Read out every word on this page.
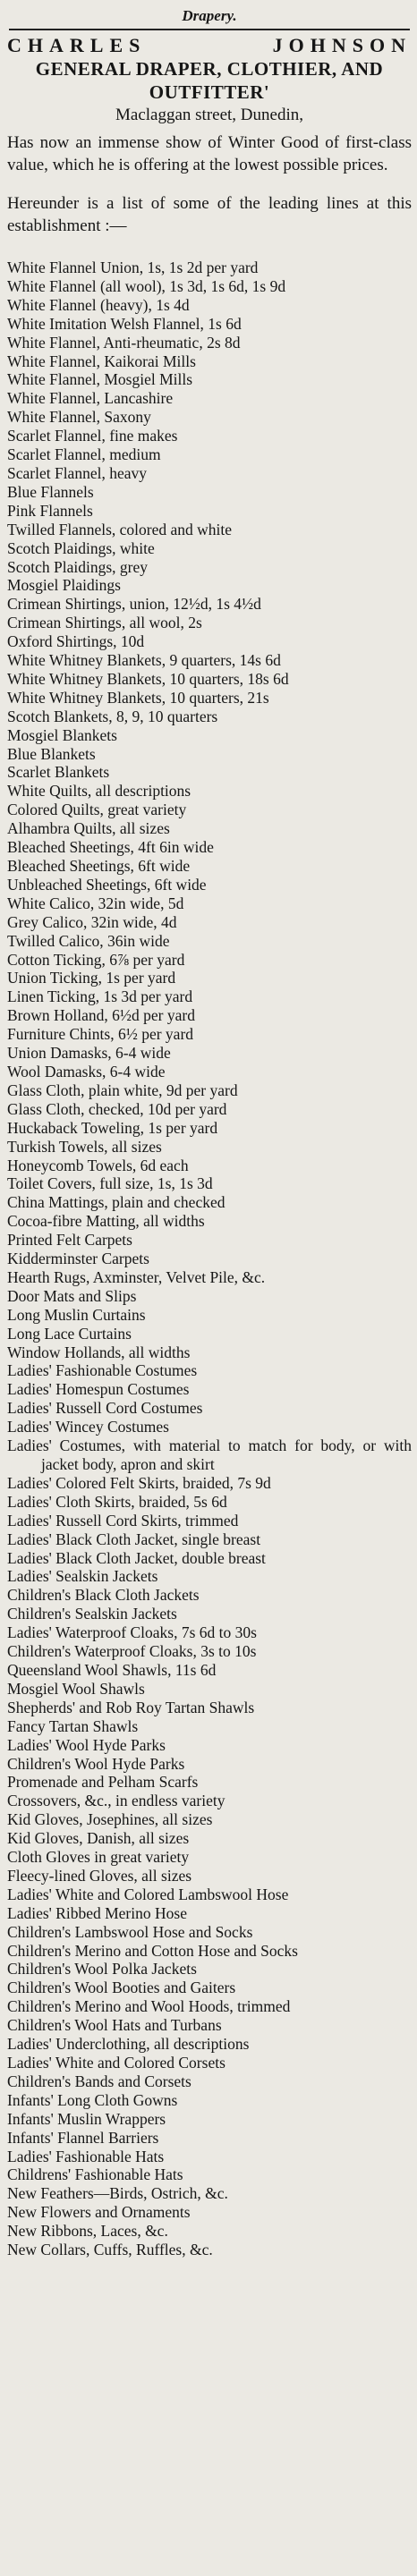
Drapery.
CHARLES JOHNSON
GENERAL DRAPER, CLOTHIER, AND OUTFITTER'
Maclaggan street, Dunedin,
Has now an immense show of Winter Good of first-class value, which he is offering at the lowest possible prices.
Hereunder is a list of some of the leading lines at this establishment :—
White Flannel Union, 1s, 1s 2d per yard
White Flannel (all wool), 1s 3d, 1s 6d, 1s 9d
White Flannel (heavy), 1s 4d
White Imitation Welsh Flannel, 1s 6d
White Flannel, Anti-rheumatic, 2s 8d
White Flannel, Kaikorai Mills
White Flannel, Mosgiel Mills
White Flannel, Lancashire
White Flannel, Saxony
Scarlet Flannel, fine makes
Scarlet Flannel, medium
Scarlet Flannel, heavy
Blue Flannels
Pink Flannels
Twilled Flannels, colored and white
Scotch Plaidings, white
Scotch Plaidings, grey
Mosgiel Plaidings
Crimean Shirtings, union, 12½d, 1s 4½d
Crimean Shirtings, all wool, 2s
Oxford Shirtings, 10d
White Whitney Blankets, 9 quarters, 14s 6d
White Whitney Blankets, 10 quarters, 18s 6d
White Whitney Blankets, 10 quarters, 21s
Scotch Blankets, 8, 9, 10 quarters
Mosgiel Blankets
Blue Blankets
Scarlet Blankets
White Quilts, all descriptions
Colored Quilts, great variety
Alhambra Quilts, all sizes
Bleached Sheetings, 4ft 6in wide
Bleached Sheetings, 6ft wide
Unbleached Sheetings, 6ft wide
White Calico, 32in wide, 5d
Grey Calico, 32in wide, 4d
Twilled Calico, 36in wide
Cotton Ticking, 6⅞ per yard
Union Ticking, 1s per yard
Linen Ticking, 1s 3d per yard
Brown Holland, 6½d per yard
Furniture Chints, 6½ per yard
Union Damasks, 6-4 wide
Wool Damasks, 6-4 wide
Glass Cloth, plain white, 9d per yard
Glass Cloth, checked, 10d per yard
Huckaback Toweling, 1s per yard
Turkish Towels, all sizes
Honeycomb Towels, 6d each
Toilet Covers, full size, 1s, 1s 3d
China Mattings, plain and checked
Cocoa-fibre Matting, all widths
Printed Felt Carpets
Kidderminster Carpets
Hearth Rugs, Axminster, Velvet Pile, &c.
Door Mats and Slips
Long Muslin Curtains
Long Lace Curtains
Window Hollands, all widths
Ladies' Fashionable Costumes
Ladies' Homespun Costumes
Ladies' Russell Cord Costumes
Ladies' Wincey Costumes
Ladies' Costumes, with material to match for body, or with jacket body, apron and skirt
Ladies' Colored Felt Skirts, braided, 7s 9d
Ladies' Cloth Skirts, braided, 5s 6d
Ladies' Russell Cord Skirts, trimmed
Ladies' Black Cloth Jacket, single breast
Ladies' Black Cloth Jacket, double breast
Ladies' Sealskin Jackets
Children's Black Cloth Jackets
Children's Sealskin Jackets
Ladies' Waterproof Cloaks, 7s 6d to 30s
Children's Waterproof Cloaks, 3s to 10s
Queensland Wool Shawls, 11s 6d
Mosgiel Wool Shawls
Shepherds' and Rob Roy Tartan Shawls
Fancy Tartan Shawls
Ladies' Wool Hyde Parks
Children's Wool Hyde Parks
Promenade and Pelham Scarfs
Crossovers, &c., in endless variety
Kid Gloves, Josephines, all sizes
Kid Gloves, Danish, all sizes
Cloth Gloves in great variety
Fleecy-lined Gloves, all sizes
Ladies' White and Colored Lambswool Hose
Ladies' Ribbed Merino Hose
Children's Lambswool Hose and Socks
Children's Merino and Cotton Hose and Socks
Children's Wool Polka Jackets
Children's Wool Booties and Gaiters
Children's Merino and Wool Hoods, trimmed
Children's Wool Hats and Turbans
Ladies' Underclothing, all descriptions
Ladies' White and Colored Corsets
Children's Bands and Corsets
Infants' Long Cloth Gowns
Infants' Muslin Wrappers
Infants' Flannel Barriers
Ladies' Fashionable Hats
Childrens' Fashionable Hats
New Feathers—Birds, Ostrich, &c.
New Flowers and Ornaments
New Ribbons, Laces, &c.
New Collars, Cuffs, Ruffles, &c.
